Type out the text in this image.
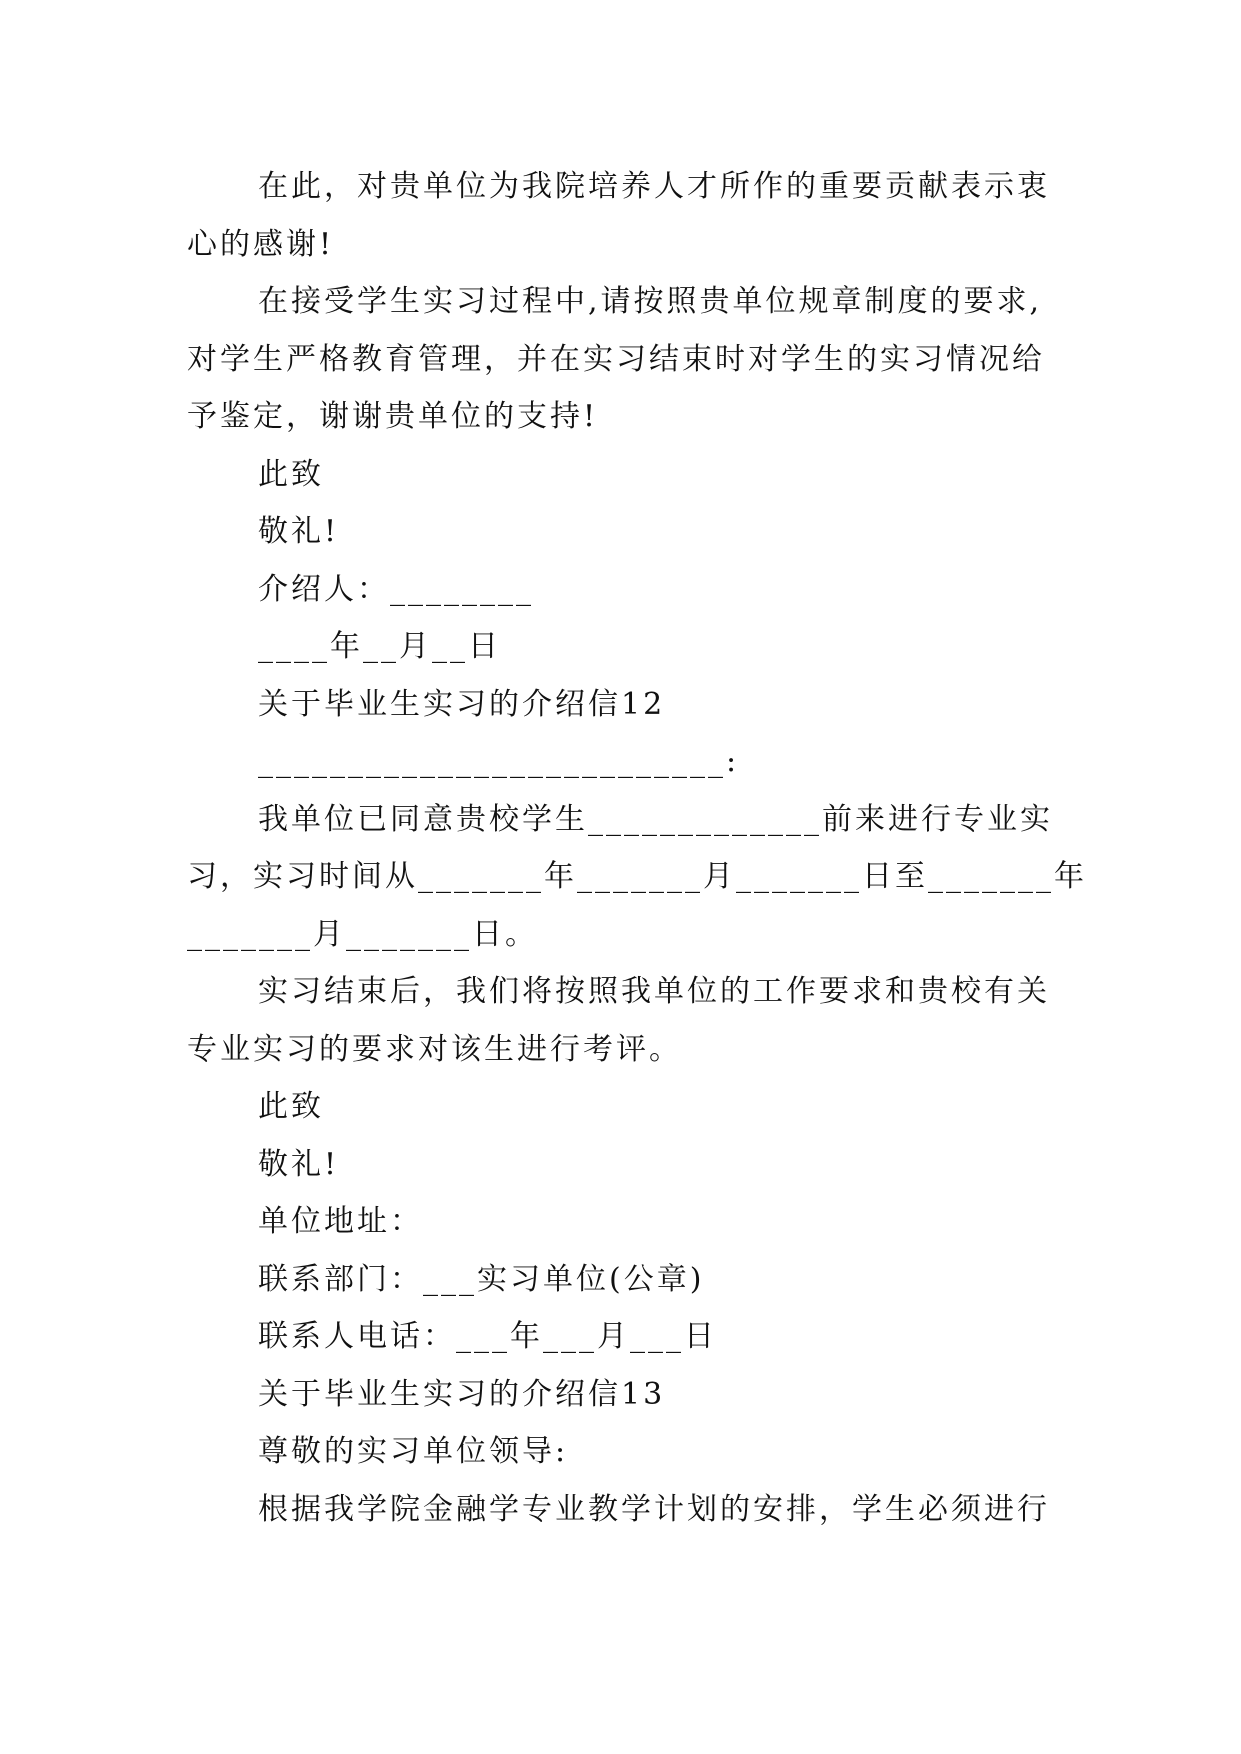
在此，对贵单位为我院培养人才所作的重要贡献表示衷
心的感谢!
在接受学生实习过程中,请按照贵单位规章制度的要求,
对学生严格教育管理，并在实习结束时对学生的实习情况给
予鉴定，谢谢贵单位的支持!
此致
敬礼!
介绍人：________
____年__月__日
关于毕业生实习的介绍信12
__________________________:
我单位已同意贵校学生_____________前来进行专业实
习，实习时间从_______年_______月_______日至_______年
_______月_______日。
实习结束后，我们将按照我单位的工作要求和贵校有关
专业实习的要求对该生进行考评。
此致
敬礼!
单位地址：
联系部门：___实习单位(公章)
联系人电话：___年___月___日
关于毕业生实习的介绍信13
尊敬的实习单位领导:
根据我学院金融学专业教学计划的安排，学生必须进行
